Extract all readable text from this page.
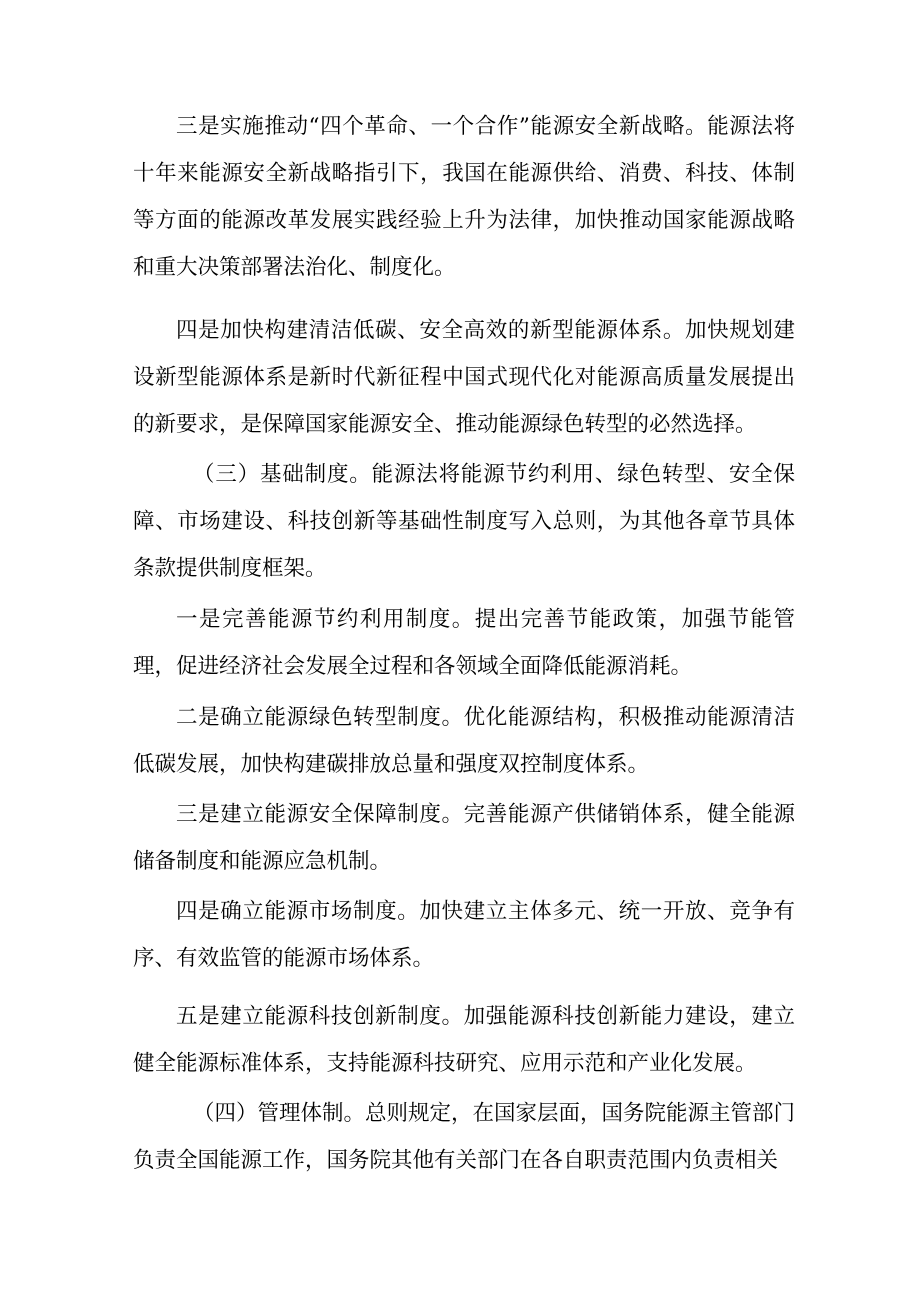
三是实施推动“四个革命、一个合作”能源安全新战略。能源法将十年来能源安全新战略指引下，我国在能源供给、消费、科技、体制等方面的能源改革发展实践经验上升为法律，加快推动国家能源战略和重大决策部署法治化、制度化。

四是加快构建清洁低碳、安全高效的新型能源体系。加快规划建设新型能源体系是新时代新征程中国式现代化对能源高质量发展提出的新要求，是保障国家能源安全、推动能源绿色转型的必然选择。

（三）基础制度。能源法将能源节约利用、绿色转型、安全保障、市场建设、科技创新等基础性制度写入总则，为其他各章节具体条款提供制度框架。

一是完善能源节约利用制度。提出完善节能政策，加强节能管理，促进经济社会发展全过程和各领域全面降低能源消耗。

二是确立能源绿色转型制度。优化能源结构，积极推动能源清洁低碳发展，加快构建碳排放总量和强度双控制度体系。

三是建立能源安全保障制度。完善能源产供储销体系，健全能源储备制度和能源应急机制。

四是确立能源市场制度。加快建立主体多元、统一开放、竞争有序、有效监管的能源市场体系。

五是建立能源科技创新制度。加强能源科技创新能力建设，建立健全能源标准体系，支持能源科技研究、应用示范和产业化发展。

（四）管理体制。总则规定，在国家层面，国务院能源主管部门负责全国能源工作，国务院其他有关部门在各自职责范围内负责相关
